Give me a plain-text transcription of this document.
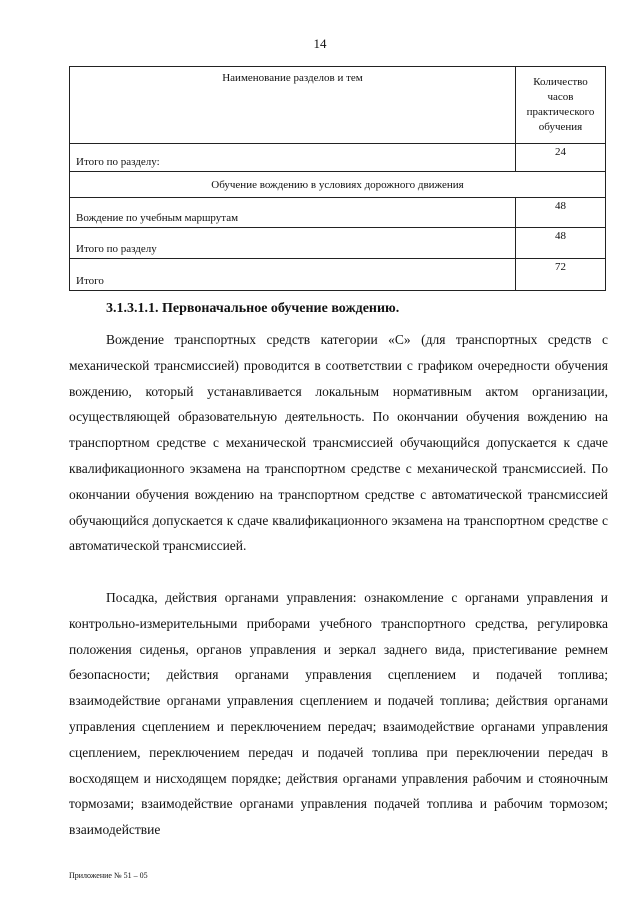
14
Наименование разделов и тем	Количество
часов
практического
обучения
Итого по разделу:	24
Обучение вождению в условиях дорожного движения	
Вождение по учебным маршрутам	48
Итого по разделу	48
Итого	72
3.1.3.1.1. Первоначальное обучение вождению.

Вождение транспортных средств категории «С» (для транспортных средств с механической трансмиссией) проводится в соответствии с графиком очередности обучения вождению, который устанавливается локальным нормативным актом организации, осуществляющей образовательную деятельность. По окончании обучения вождению на транспортном средстве с механической трансмиссией обучающийся допускается к сдаче квалификационного экзамена на транспортном средстве с механической трансмиссией. По окончании обучения вождению на транспортном средстве с автоматической трансмиссией обучающийся допускается к сдаче квалификационного экзамена на транспортном средстве с автоматической трансмиссией.

Посадка, действия органами управления: ознакомление с органами управления и контрольно-измерительными приборами учебного транспортного средства, регулировка положения сиденья, органов управления и зеркал заднего вида, пристегивание ремнем безопасности; действия органами управления сцеплением и подачей топлива; взаимодействие органами управления сцеплением и подачей топлива; действия органами управления сцеплением и переключением передач; взаимодействие органами управления сцеплением, переключением передач и подачей топлива при переключении передач в восходящем и нисходящем порядке; действия органами управления рабочим и стояночным тормозами; взаимодействие органами управления подачей топлива и рабочим тормозом; взаимодействие

Приложение № 51 – 05
